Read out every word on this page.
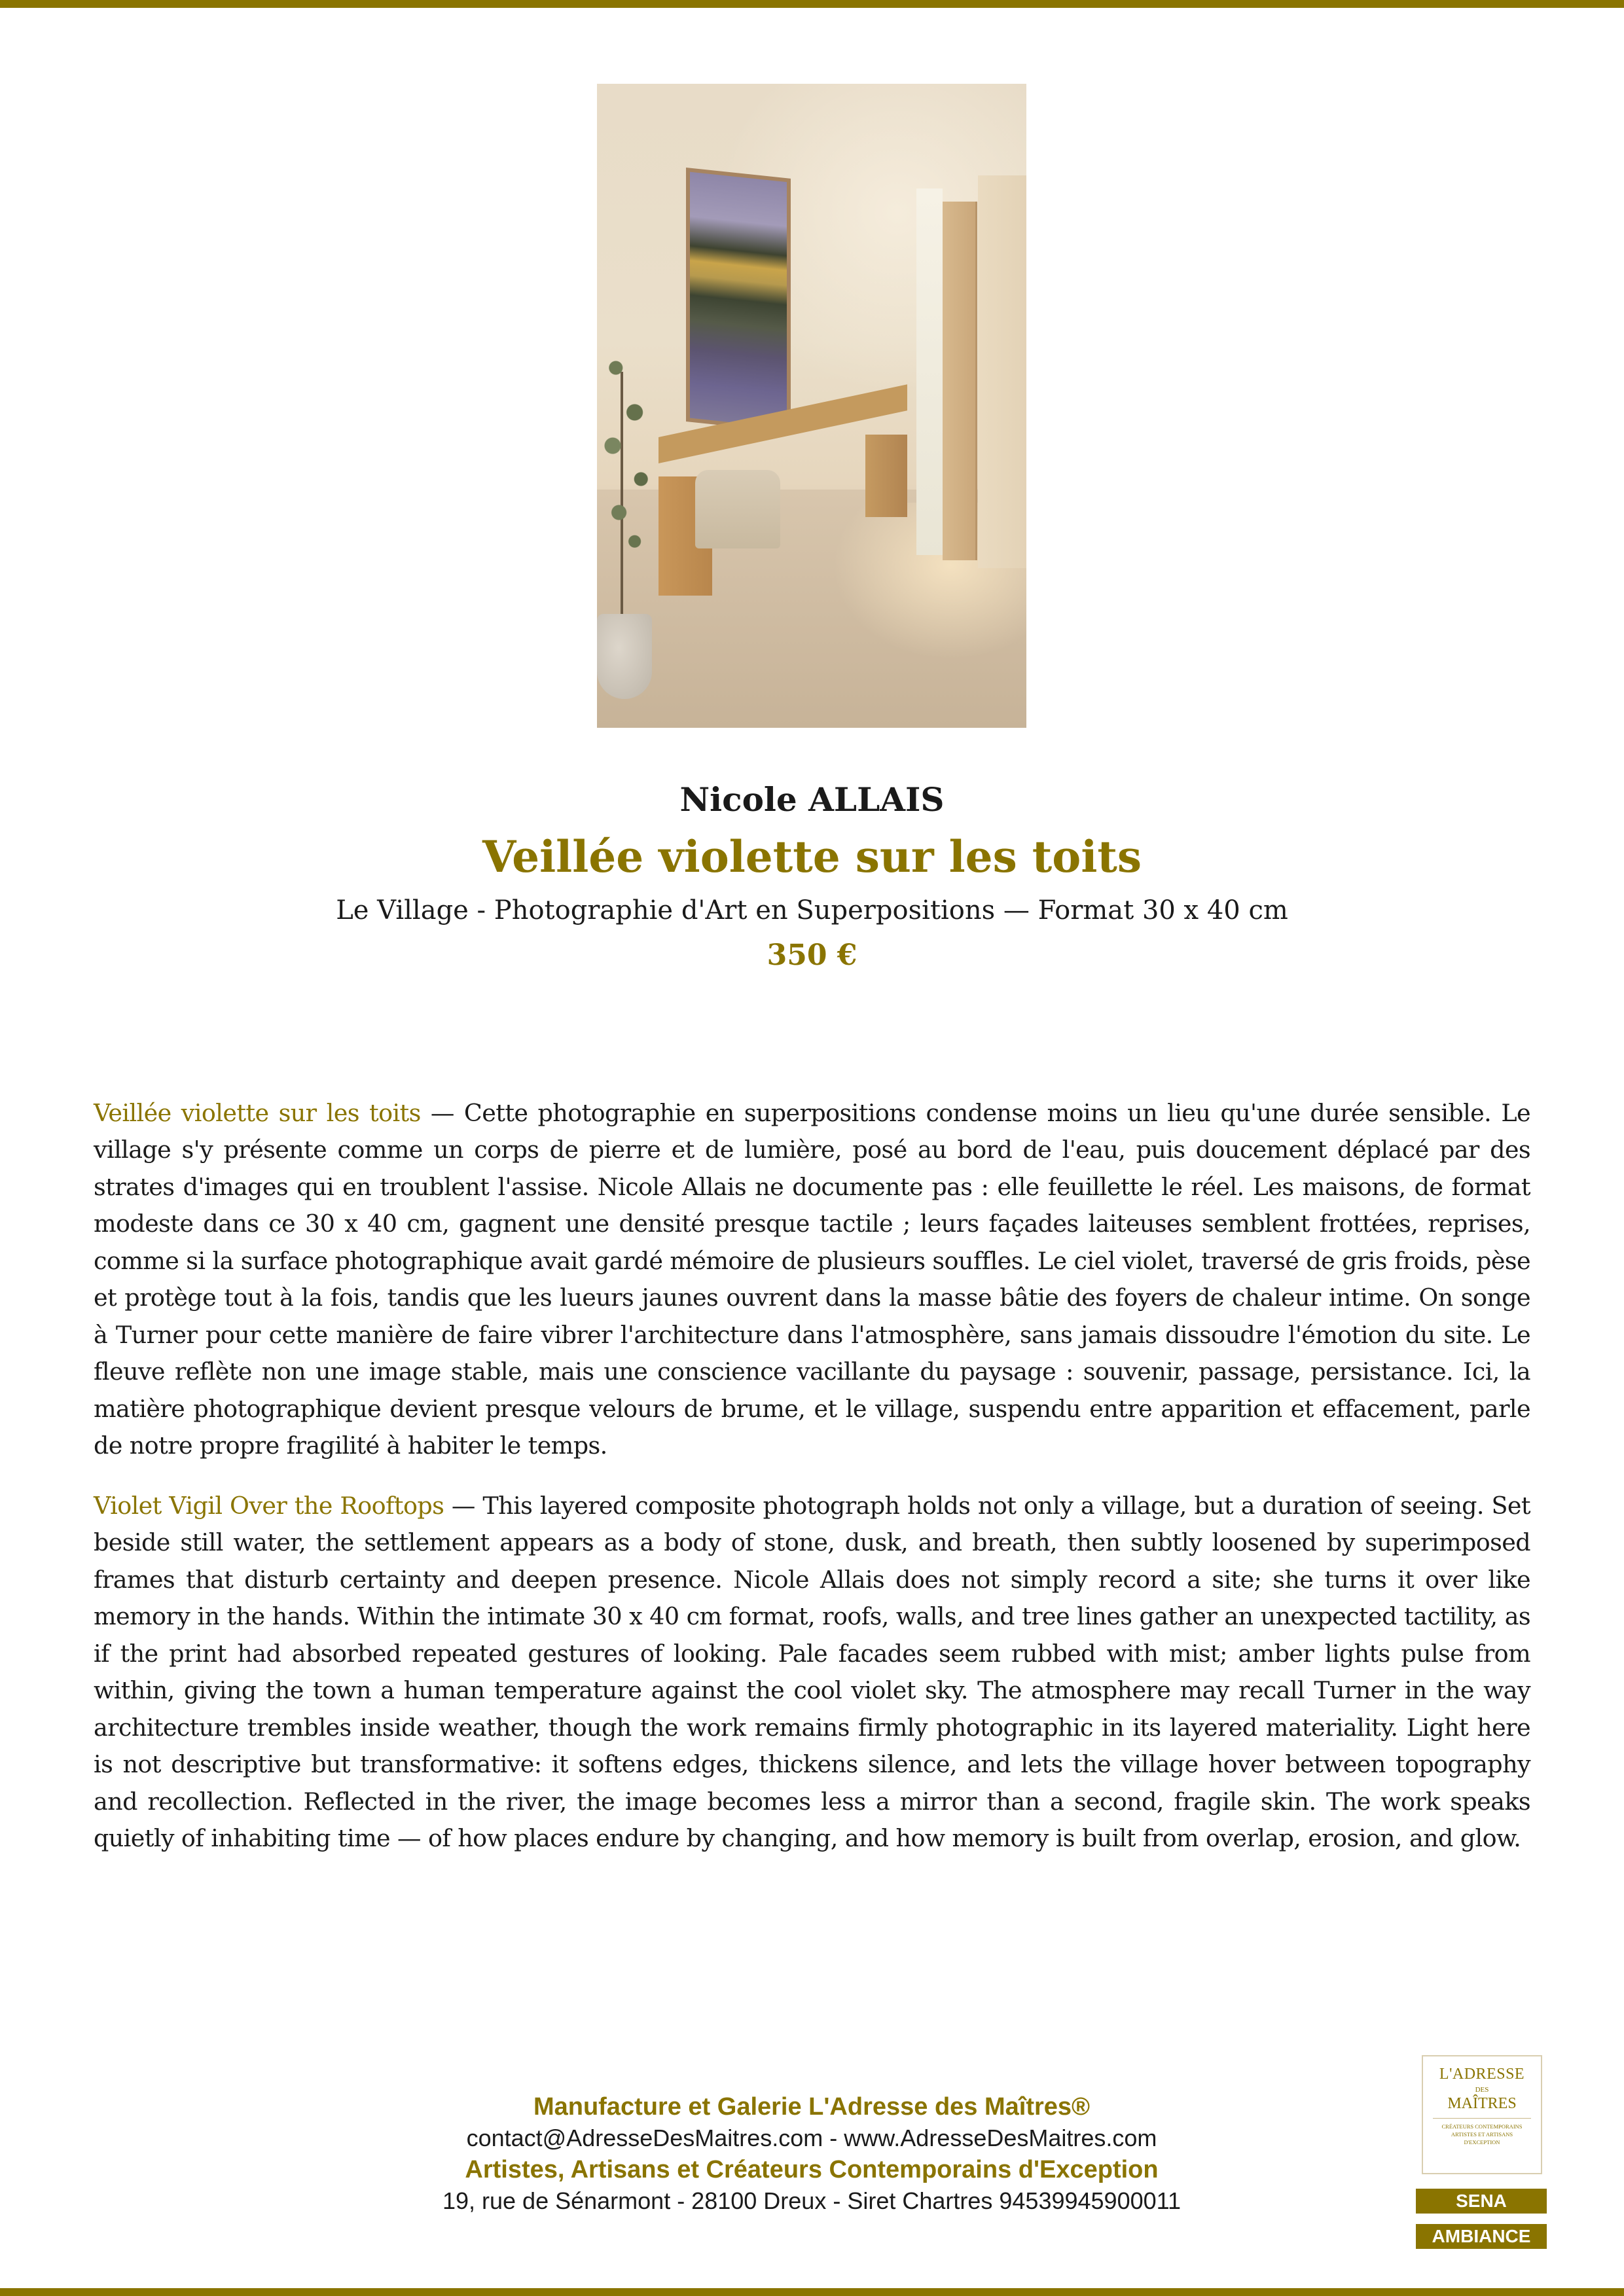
Nicole ALLAIS
Veillée violette sur les toits
Le Village - Photographie d'Art en Superpositions — Format 30 x 40 cm
350 €

Veillée violette sur les toits — Cette photographie en superpositions condense moins un lieu qu'une durée sensible. Le village s'y présente comme un corps de pierre et de lumière, posé au bord de l'eau, puis doucement déplacé par des strates d'images qui en troublent l'assise. Nicole Allais ne documente pas : elle feuillette le réel. Les maisons, de format modeste dans ce 30 x 40 cm, gagnent une densité presque tactile ; leurs façades laiteuses semblent frottées, reprises, comme si la surface photographique avait gardé mémoire de plusieurs souffles. Le ciel violet, traversé de gris froids, pèse et protège tout à la fois, tandis que les lueurs jaunes ouvrent dans la masse bâtie des foyers de chaleur intime. On songe à Turner pour cette manière de faire vibrer l'architecture dans l'atmosphère, sans jamais dissoudre l'émotion du site. Le fleuve reflète non une image stable, mais une conscience vacillante du paysage : souvenir, passage, persistance. Ici, la matière photographique devient presque velours de brume, et le village, suspendu entre apparition et effacement, parle de notre propre fragilité à habiter le temps.

Violet Vigil Over the Rooftops — This layered composite photograph holds not only a village, but a duration of seeing. Set beside still water, the settlement appears as a body of stone, dusk, and breath, then subtly loosened by superimposed frames that disturb certainty and deepen presence. Nicole Allais does not simply record a site; she turns it over like memory in the hands. Within the intimate 30 x 40 cm format, roofs, walls, and tree lines gather an unexpected tactility, as if the print had absorbed repeated gestures of looking. Pale facades seem rubbed with mist; amber lights pulse from within, giving the town a human temperature against the cool violet sky. The atmosphere may recall Turner in the way architecture trembles inside weather, though the work remains firmly photographic in its layered materiality. Light here is not descriptive but transformative: it softens edges, thickens silence, and lets the village hover between topography and recollection. Reflected in the river, the image becomes less a mirror than a second, fragile skin. The work speaks quietly of inhabiting time — of how places endure by changing, and how memory is built from overlap, erosion, and glow.

Manufacture et Galerie L'Adresse des Maîtres®
contact@AdresseDesMaitres.com - www.AdresseDesMaitres.com
Artistes, Artisans et Créateurs Contemporains d'Exception
19, rue de Sénarmont - 28100 Dreux - Siret Chartres 94539945900011
L'ADRESSE
DES
MAÎTRES
CRÉATEURS CONTEMPORAINS
ARTISTES ET ARTISANS
D'EXCEPTION
SENA
AMBIANCE
